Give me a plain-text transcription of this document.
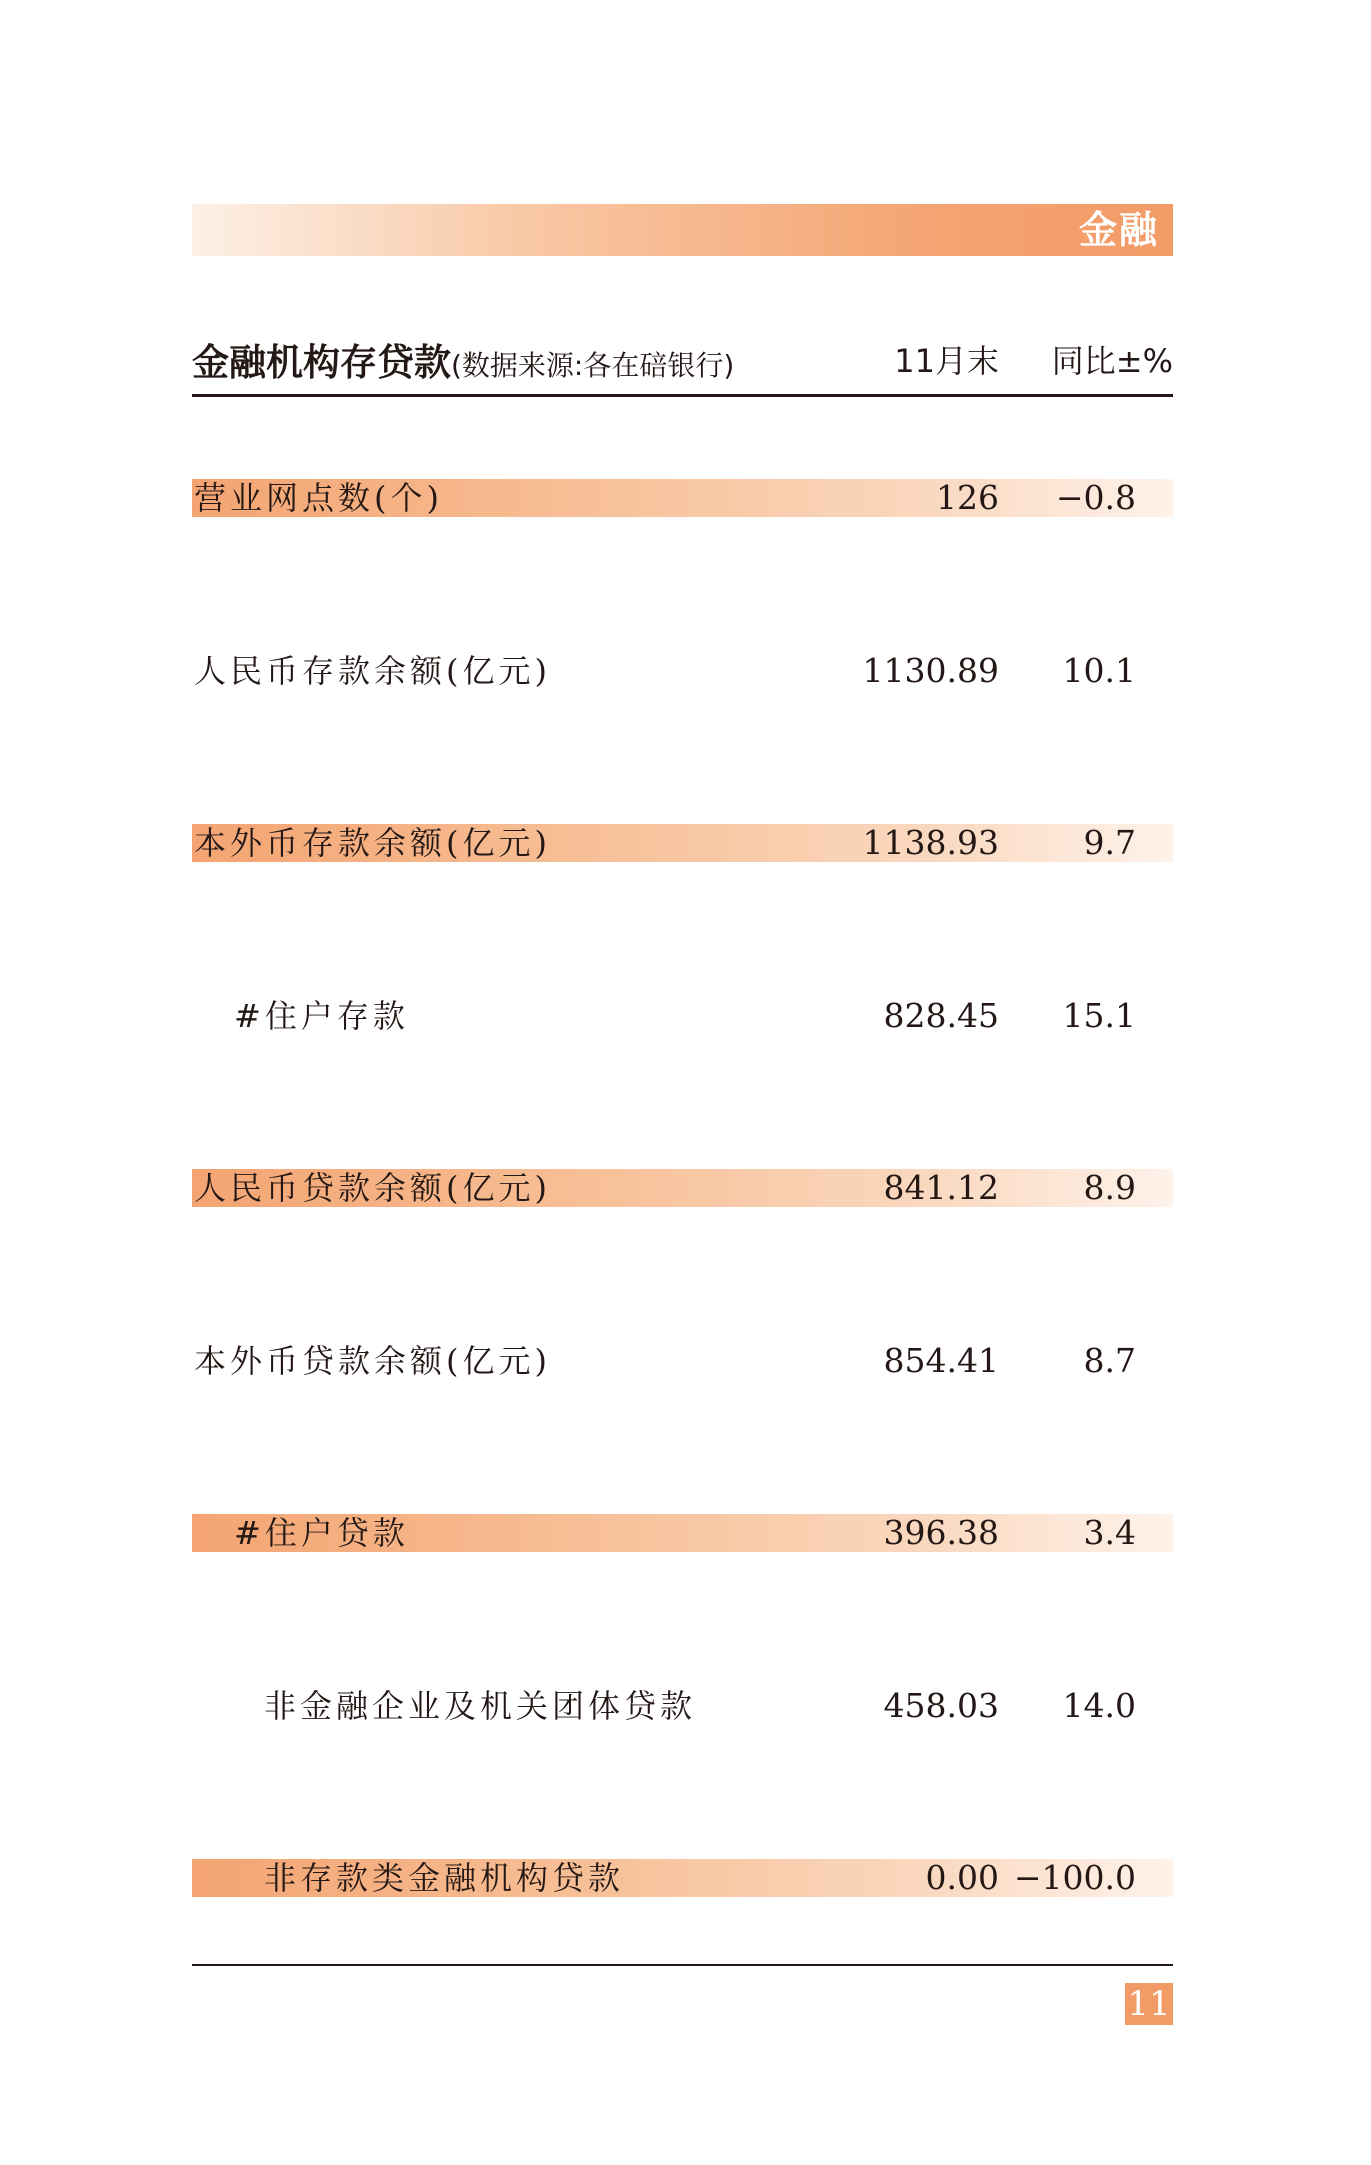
金融
金融机构存贷款(数据来源:各在碚银行)	11月末 同比±%
营业网点数(个)	126 −0.8
人民币存款余额(亿元)	1130.89 10.1
本外币存款余额(亿元)	1138.93	9.7
#住户存款	828.45 15.1
人民币贷款余额(亿元)	841.12	8.9
本外币贷款余额(亿元)	854.41	8.7
#住户贷款	396.38	3.4
非金融企业及机关团体贷款	458.03 14.0
非存款类金融机构贷款	0.00 −100.0
11
